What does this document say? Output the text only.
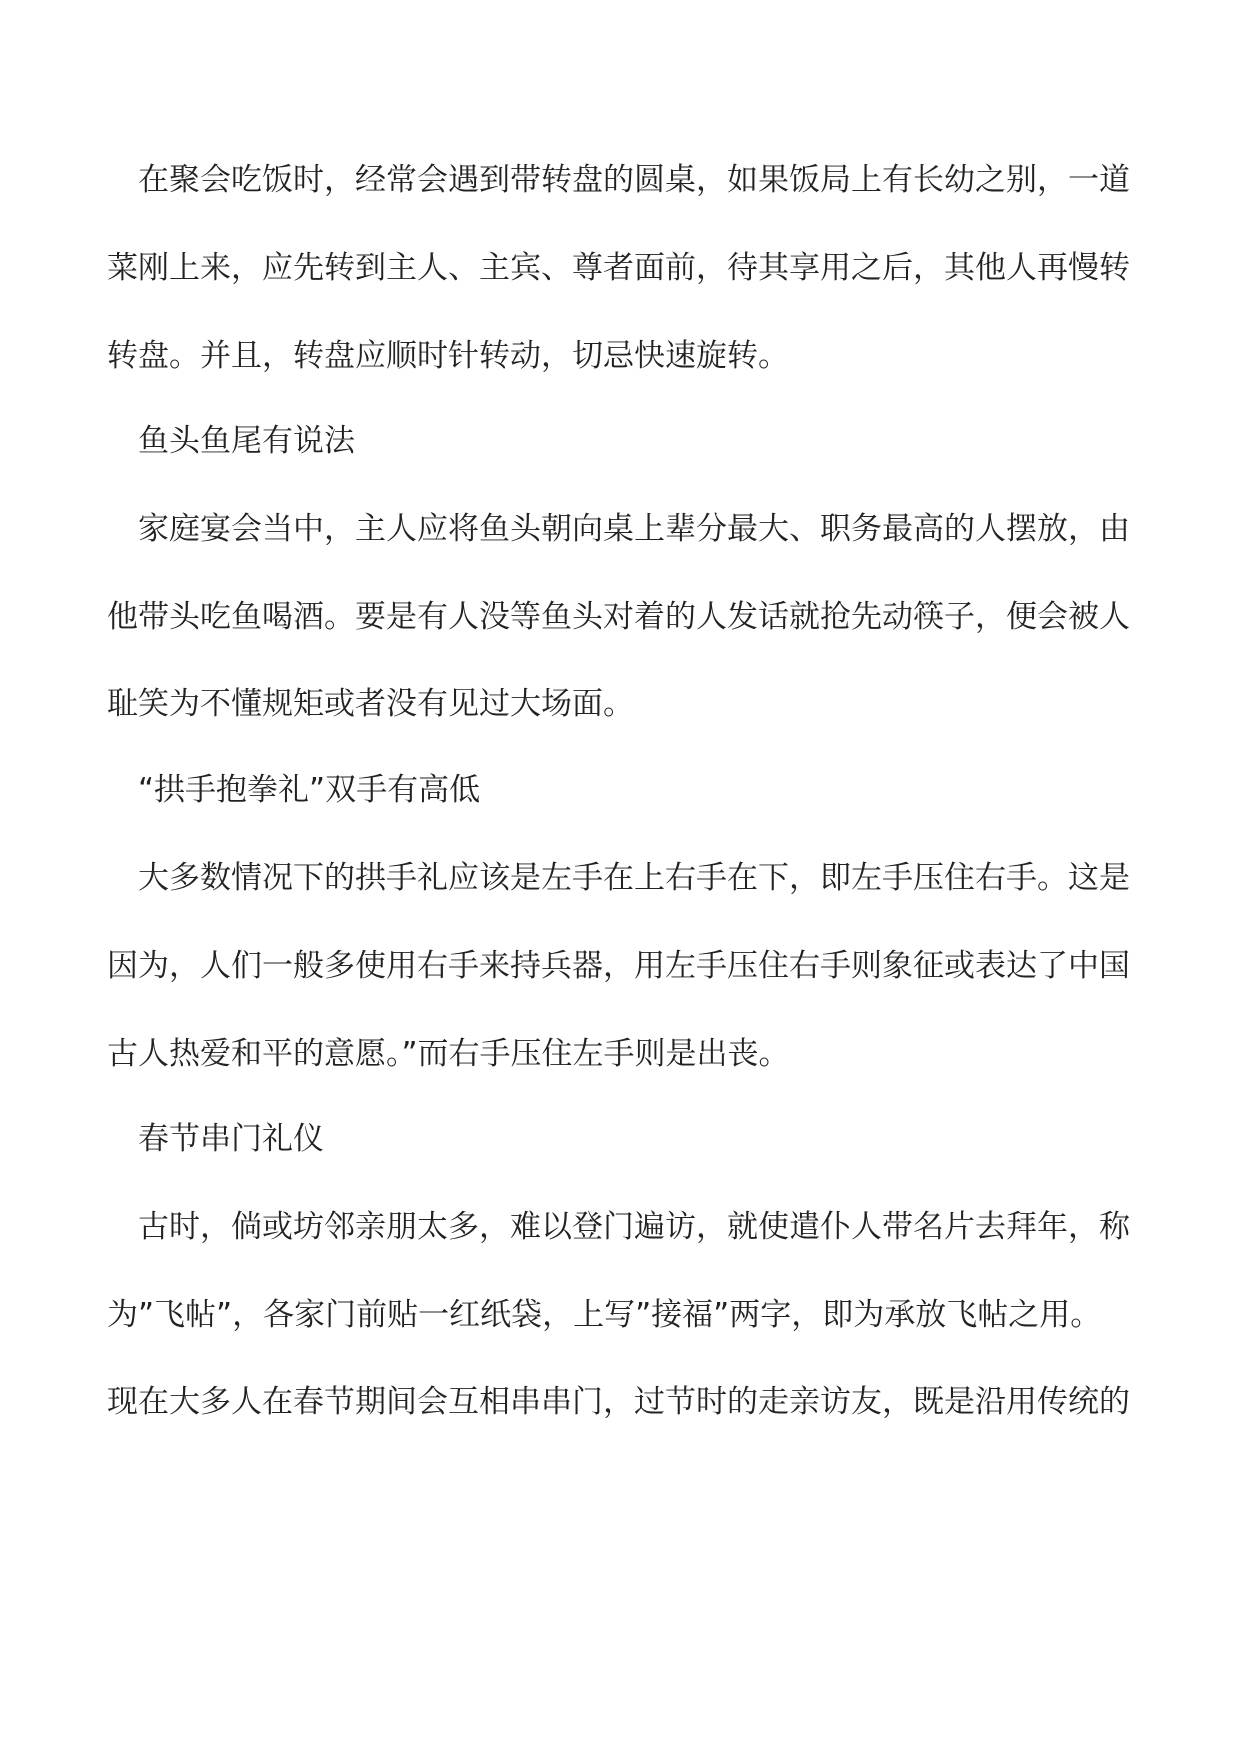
在聚会吃饭时，经常会遇到带转盘的圆桌，如果饭局上有长幼之别，一道
菜刚上来，应先转到主人、主宾、尊者面前，待其享用之后，其他人再慢转
转盘。并且，转盘应顺时针转动，切忌快速旋转。
鱼头鱼尾有说法
家庭宴会当中，主人应将鱼头朝向桌上辈分最大、职务最高的人摆放，由
他带头吃鱼喝酒。要是有人没等鱼头对着的人发话就抢先动筷子，便会被人
耻笑为不懂规矩或者没有见过大场面。
“拱手抱拳礼”双手有高低
大多数情况下的拱手礼应该是左手在上右手在下，即左手压住右手。这是
因为，人们一般多使用右手来持兵器，用左手压住右手则象征或表达了中国
古人热爱和平的意愿。”而右手压住左手则是出丧。
春节串门礼仪
古时，倘或坊邻亲朋太多，难以登门遍访，就使遣仆人带名片去拜年，称
为”飞帖”，各家门前贴一红纸袋，上写”接福”两字，即为承放飞帖之用。
现在大多人在春节期间会互相串串门，过节时的走亲访友，既是沿用传统的
